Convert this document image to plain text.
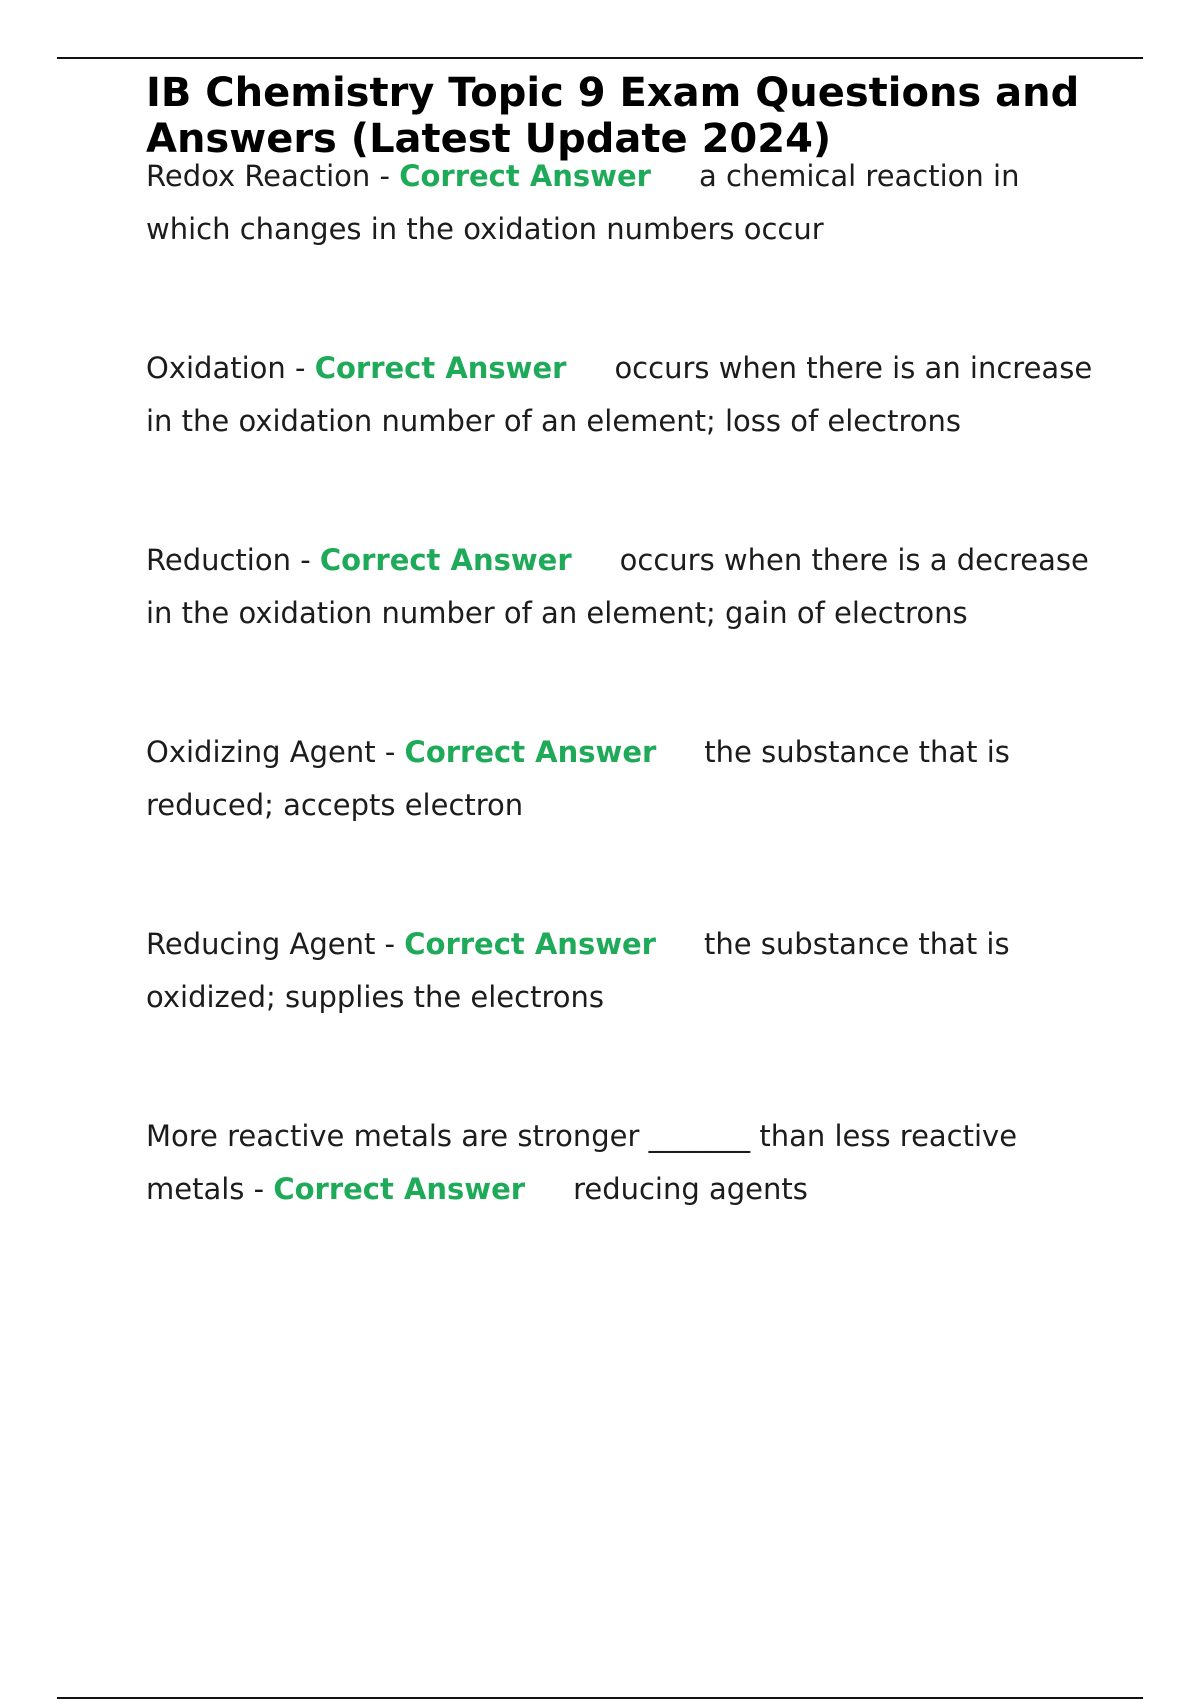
IB Chemistry Topic 9 Exam Questions and Answers (Latest Update 2024)
Redox Reaction - Correct Answer a chemical reaction in which changes in the oxidation numbers occur
Oxidation - Correct Answer occurs when there is an increase in the oxidation number of an element; loss of electrons
Reduction - Correct Answer occurs when there is a decrease in the oxidation number of an element; gain of electrons
Oxidizing Agent - Correct Answer the substance that is reduced; accepts electron
Reducing Agent - Correct Answer the substance that is oxidized; supplies the electrons
More reactive metals are stronger _______ than less reactive metals - Correct Answer reducing agents
